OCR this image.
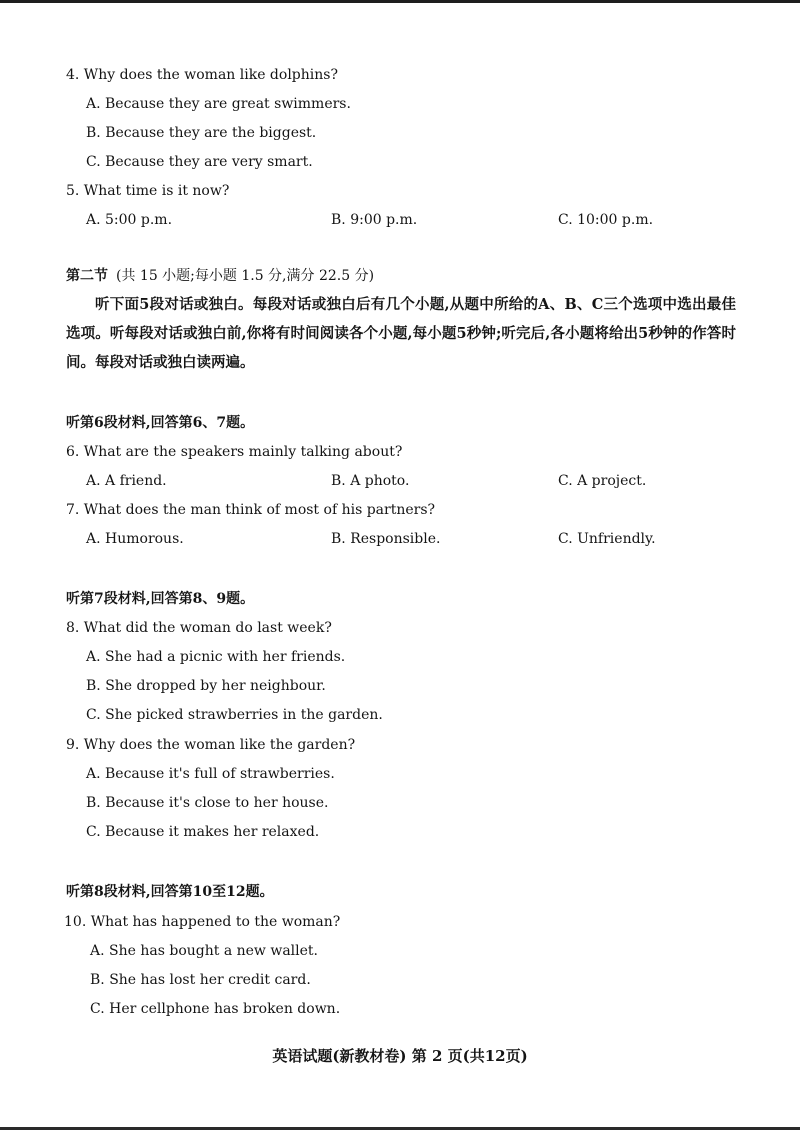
4. Why does the woman like dolphins?
A. Because they are great swimmers.
B. Because they are the biggest.
C. Because they are very smart.
5. What time is it now?
A. 5:00 p.m.	B. 9:00 p.m.	C. 10:00 p.m.
第二节 (共 15 小题;每小题 1.5 分,满分 22.5 分)
听下面5段对话或独白。每段对话或独白后有几个小题,从题中所给的A、B、C三个选项中选出最佳选项。听每段对话或独白前,你将有时间阅读各个小题,每小题5秒钟;听完后,各小题将给出5秒钟的作答时间。每段对话或独白读两遍。
听第6段材料,回答第6、7题。
6. What are the speakers mainly talking about?
A. A friend.	B. A photo.	C. A project.
7. What does the man think of most of his partners?
A. Humorous.	B. Responsible.	C. Unfriendly.
听第7段材料,回答第8、9题。
8. What did the woman do last week?
A. She had a picnic with her friends.
B. She dropped by her neighbour.
C. She picked strawberries in the garden.
9. Why does the woman like the garden?
A. Because it's full of strawberries.
B. Because it's close to her house.
C. Because it makes her relaxed.
听第8段材料,回答第10至12题。
10. What has happened to the woman?
A. She has bought a new wallet.
B. She has lost her credit card.
C. Her cellphone has broken down.
英语试题(新教材卷) 第 2 页(共12页)
